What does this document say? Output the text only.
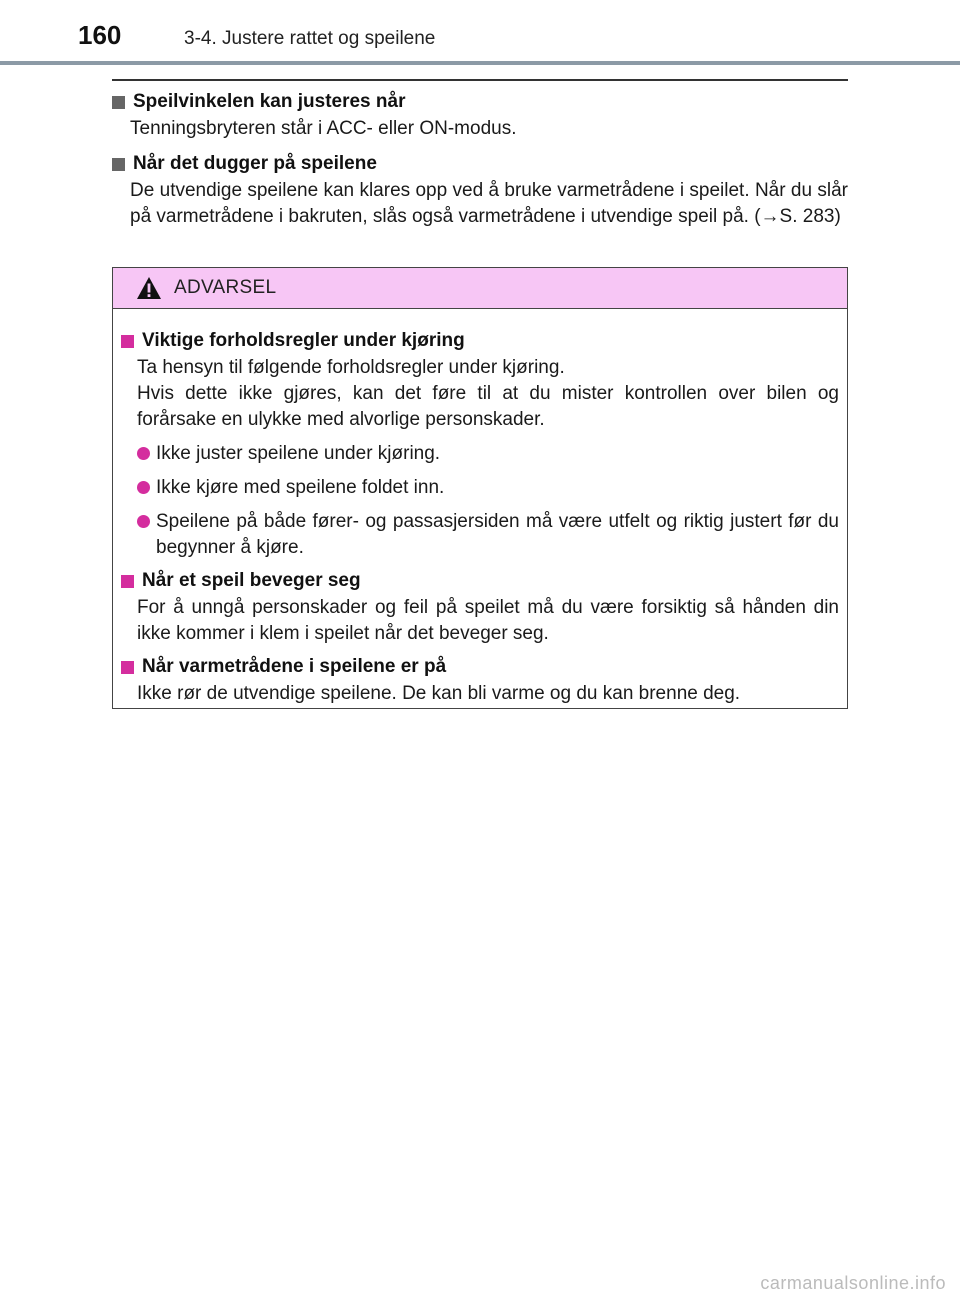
160	3-4. Justere rattet og speilene
Speilvinkelen kan justeres når
Tenningsbryteren står i ACC- eller ON-modus.
Når det dugger på speilene
De utvendige speilene kan klares opp ved å bruke varmetrådene i speilet. Når du slår på varmetrådene i bakruten, slås også varmetrådene i utvendige speil på. (→S. 283)
ADVARSEL
Viktige forholdsregler under kjøring
Ta hensyn til følgende forholdsregler under kjøring.
Hvis dette ikke gjøres, kan det føre til at du mister kontrollen over bilen og forårsake en ulykke med alvorlige personskader.
Ikke juster speilene under kjøring.
Ikke kjøre med speilene foldet inn.
Speilene på både fører- og passasjersiden må være utfelt og riktig justert før du begynner å kjøre.
Når et speil beveger seg
For å unngå personskader og feil på speilet må du være forsiktig så hånden din ikke kommer i klem i speilet når det beveger seg.
Når varmetrådene i speilene er på
Ikke rør de utvendige speilene. De kan bli varme og du kan brenne deg.
carmanualsonline.info
